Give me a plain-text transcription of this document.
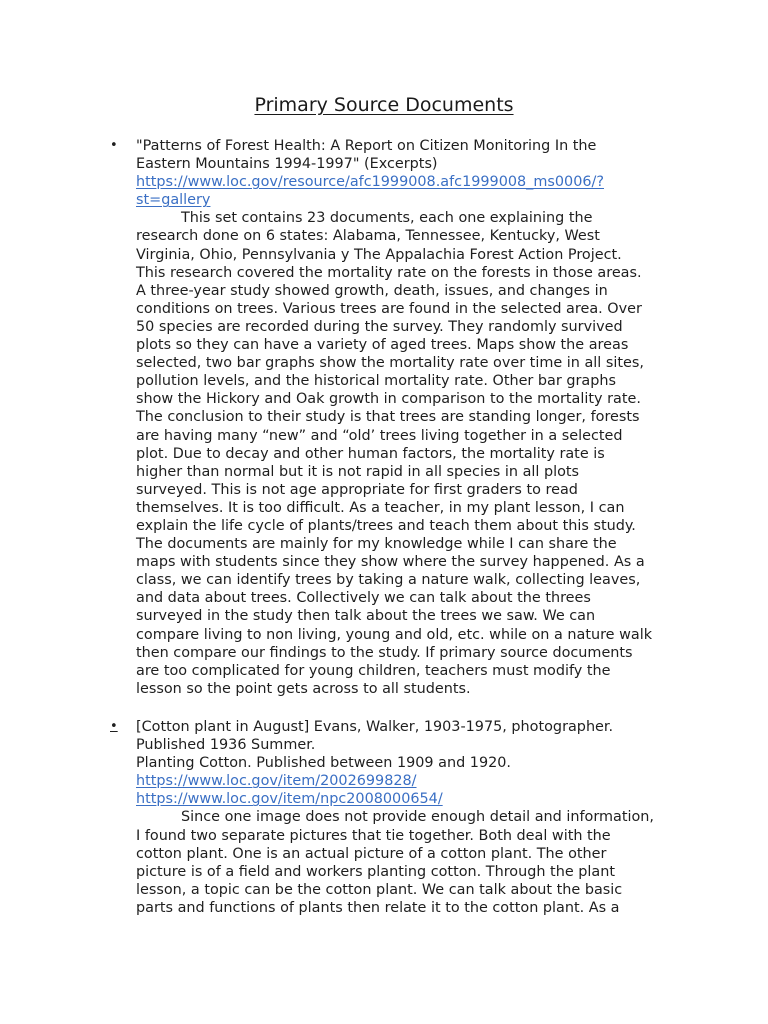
Primary Source Documents
•	"Patterns of Forest Health: A Report on Citizen Monitoring In the
Eastern Mountains 1994-1997" (Excerpts)
https://www.loc.gov/resource/afc1999008.afc1999008_ms0006/?
st=gallery
This set contains 23 documents, each one explaining the
research done on 6 states: Alabama, Tennessee, Kentucky, West
Virginia, Ohio, Pennsylvania y The Appalachia Forest Action Project.
This research covered the mortality rate on the forests in those areas.
A three-year study showed growth, death, issues, and changes in
conditions on trees. Various trees are found in the selected area. Over
50 species are recorded during the survey. They randomly survived
plots so they can have a variety of aged trees. Maps show the areas
selected, two bar graphs show the mortality rate over time in all sites,
pollution levels, and the historical mortality rate. Other bar graphs
show the Hickory and Oak growth in comparison to the mortality rate.
The conclusion to their study is that trees are standing longer, forests
are having many “new” and “old’ trees living together in a selected
plot. Due to decay and other human factors, the mortality rate is
higher than normal but it is not rapid in all species in all plots
surveyed. This is not age appropriate for first graders to read
themselves. It is too difficult. As a teacher, in my plant lesson, I can
explain the life cycle of plants/trees and teach them about this study.
The documents are mainly for my knowledge while I can share the
maps with students since they show where the survey happened. As a
class, we can identify trees by taking a nature walk, collecting leaves,
and data about trees. Collectively we can talk about the threes
surveyed in the study then talk about the trees we saw. We can
compare living to non living, young and old, etc. while on a nature walk
then compare our findings to the study. If primary source documents
are too complicated for young children, teachers must modify the
lesson so the point gets across to all students.
•	[Cotton plant in August] Evans, Walker, 1903-1975, photographer.
Published 1936 Summer.
Planting Cotton. Published between 1909 and 1920.
https://www.loc.gov/item/2002699828/
https://www.loc.gov/item/npc2008000654/
Since one image does not provide enough detail and information,
I found two separate pictures that tie together. Both deal with the
cotton plant. One is an actual picture of a cotton plant. The other
picture is of a field and workers planting cotton. Through the plant
lesson, a topic can be the cotton plant. We can talk about the basic
parts and functions of plants then relate it to the cotton plant. As a
